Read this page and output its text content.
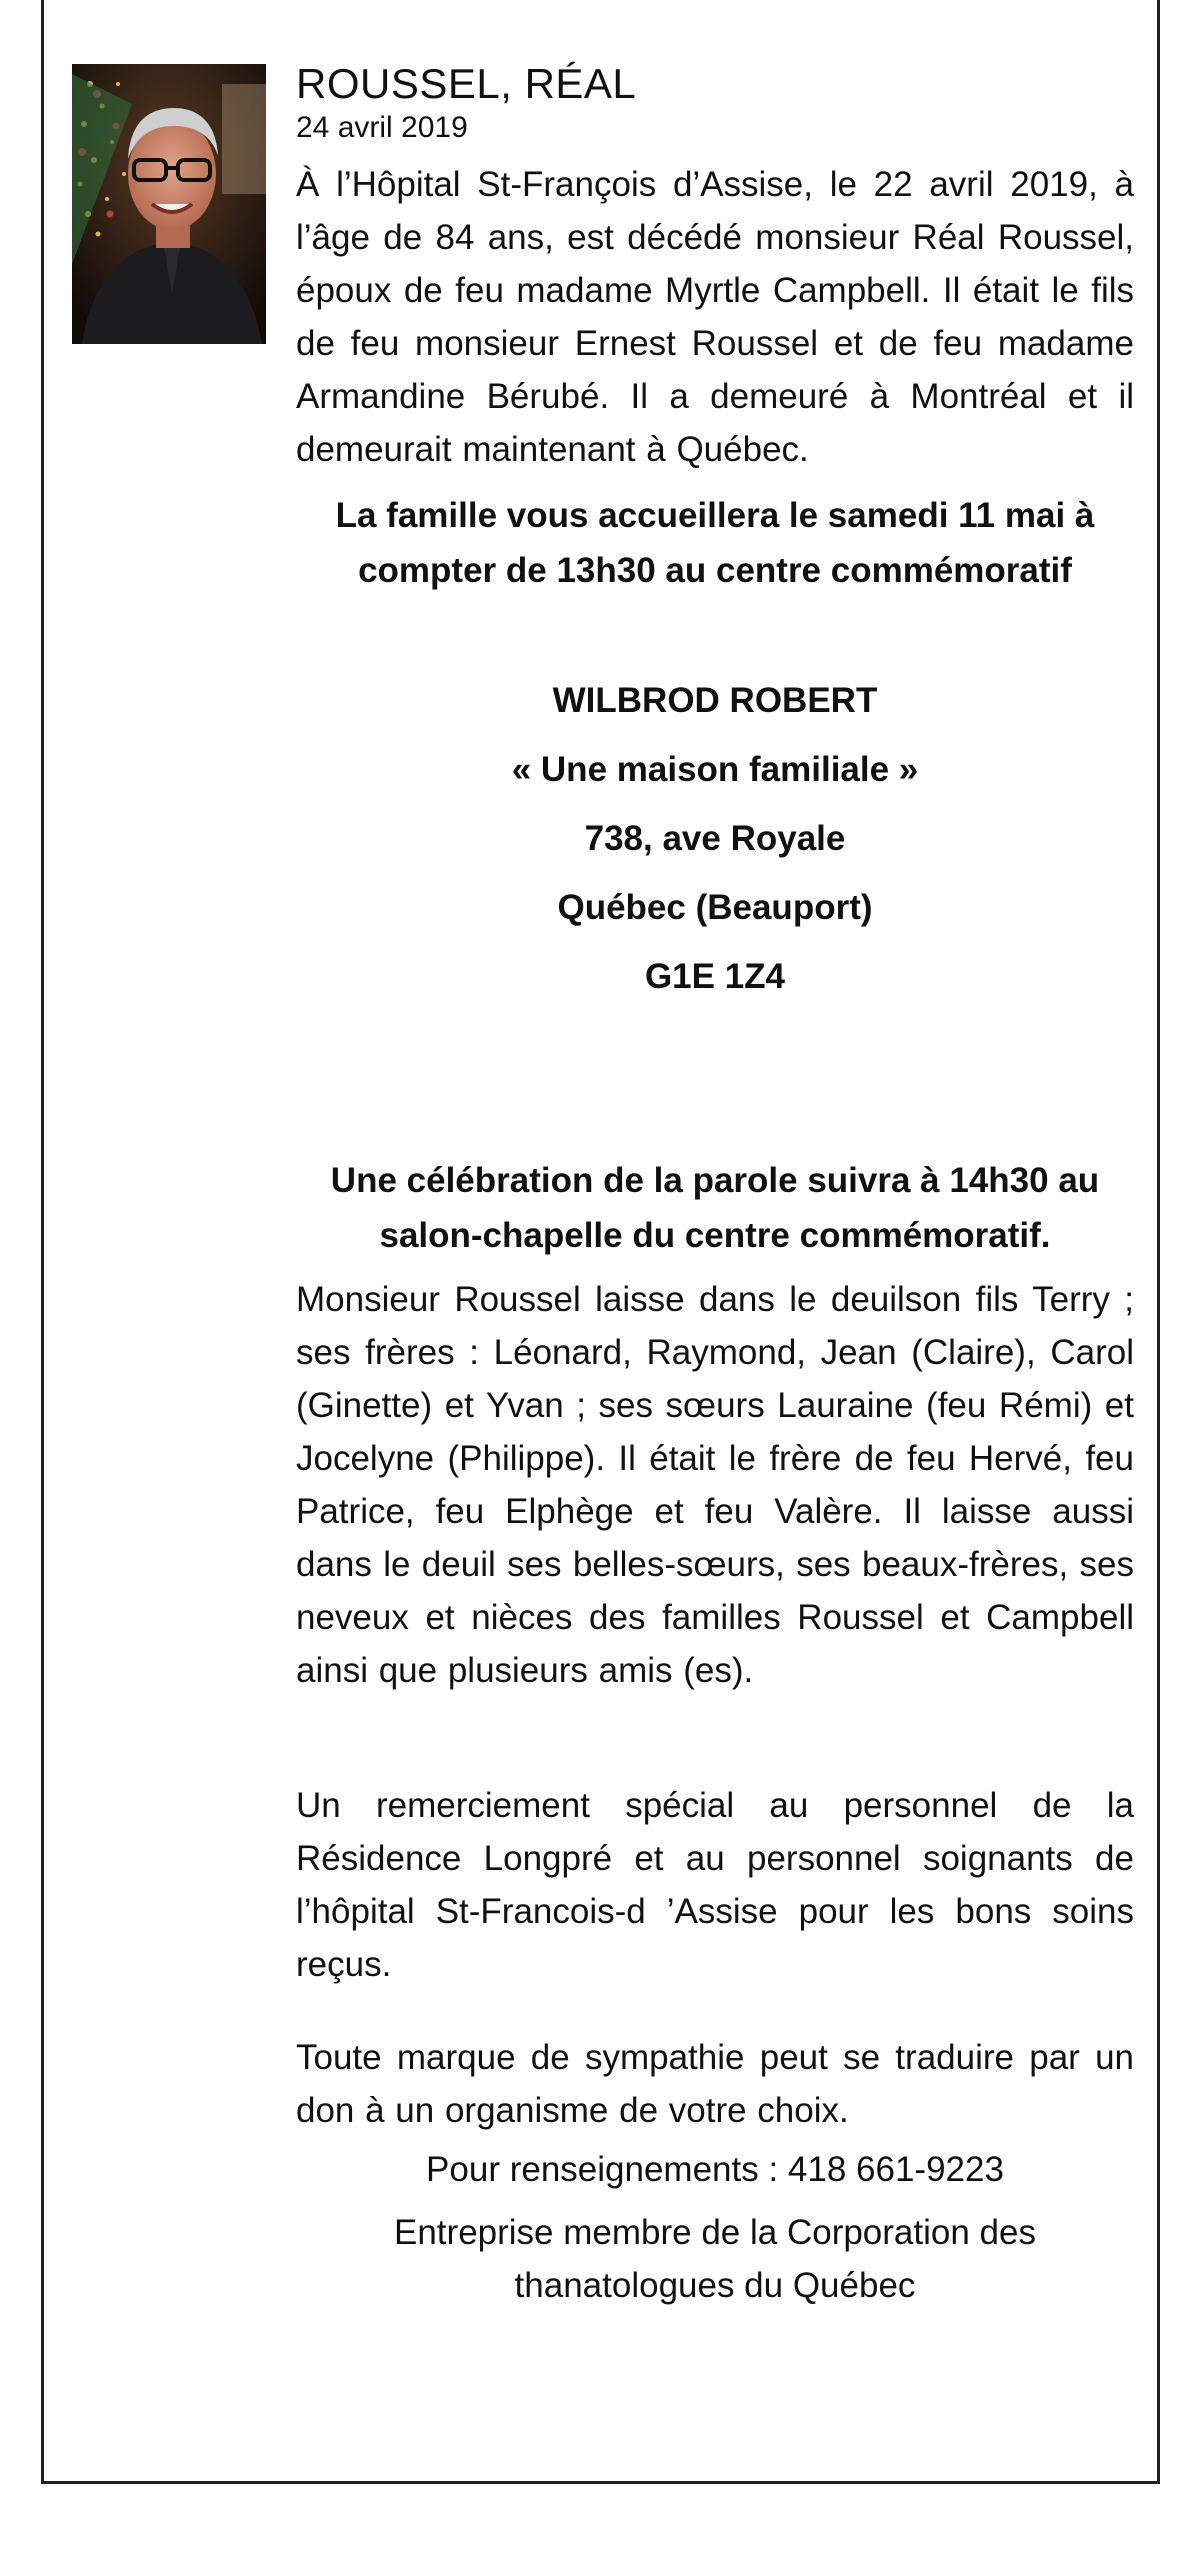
ROUSSEL, RÉAL

24 avril 2019

À l’Hôpital St-François d’Assise, le 22 avril 2019, à l’âge de 84 ans, est décédé monsieur Réal Roussel, époux de feu madame Myrtle Campbell. Il était le fils de feu monsieur Ernest Roussel et de feu madame Armandine Bérubé. Il a demeuré à Montréal et il demeurait maintenant à Québec.

La famille vous accueillera le samedi 11 mai à compter de 13h30 au centre commémoratif

WILBROD ROBERT

« Une maison familiale »

738, ave Royale

Québec (Beauport)

G1E 1Z4

Une célébration de la parole suivra à 14h30 au salon-chapelle du centre commémoratif.

Monsieur Roussel laisse dans le deuilson fils Terry ; ses frères : Léonard, Raymond, Jean (Claire), Carol (Ginette) et Yvan ; ses sœurs Lauraine (feu Rémi) et Jocelyne (Philippe). Il était le frère de feu Hervé, feu Patrice, feu Elphège et feu Valère. Il laisse aussi dans le deuil ses belles-sœurs, ses beaux-frères, ses neveux et nièces des familles Roussel et Campbell ainsi que plusieurs amis (es).

Un remerciement spécial au personnel de la Résidence Longpré et au personnel soignants de l’hôpital St-Francois-d ’Assise pour les bons soins reçus.

Toute marque de sympathie peut se traduire par un don à un organisme de votre choix.

Pour renseignements : 418 661-9223

Entreprise membre de la Corporation des thanatologues du Québec
